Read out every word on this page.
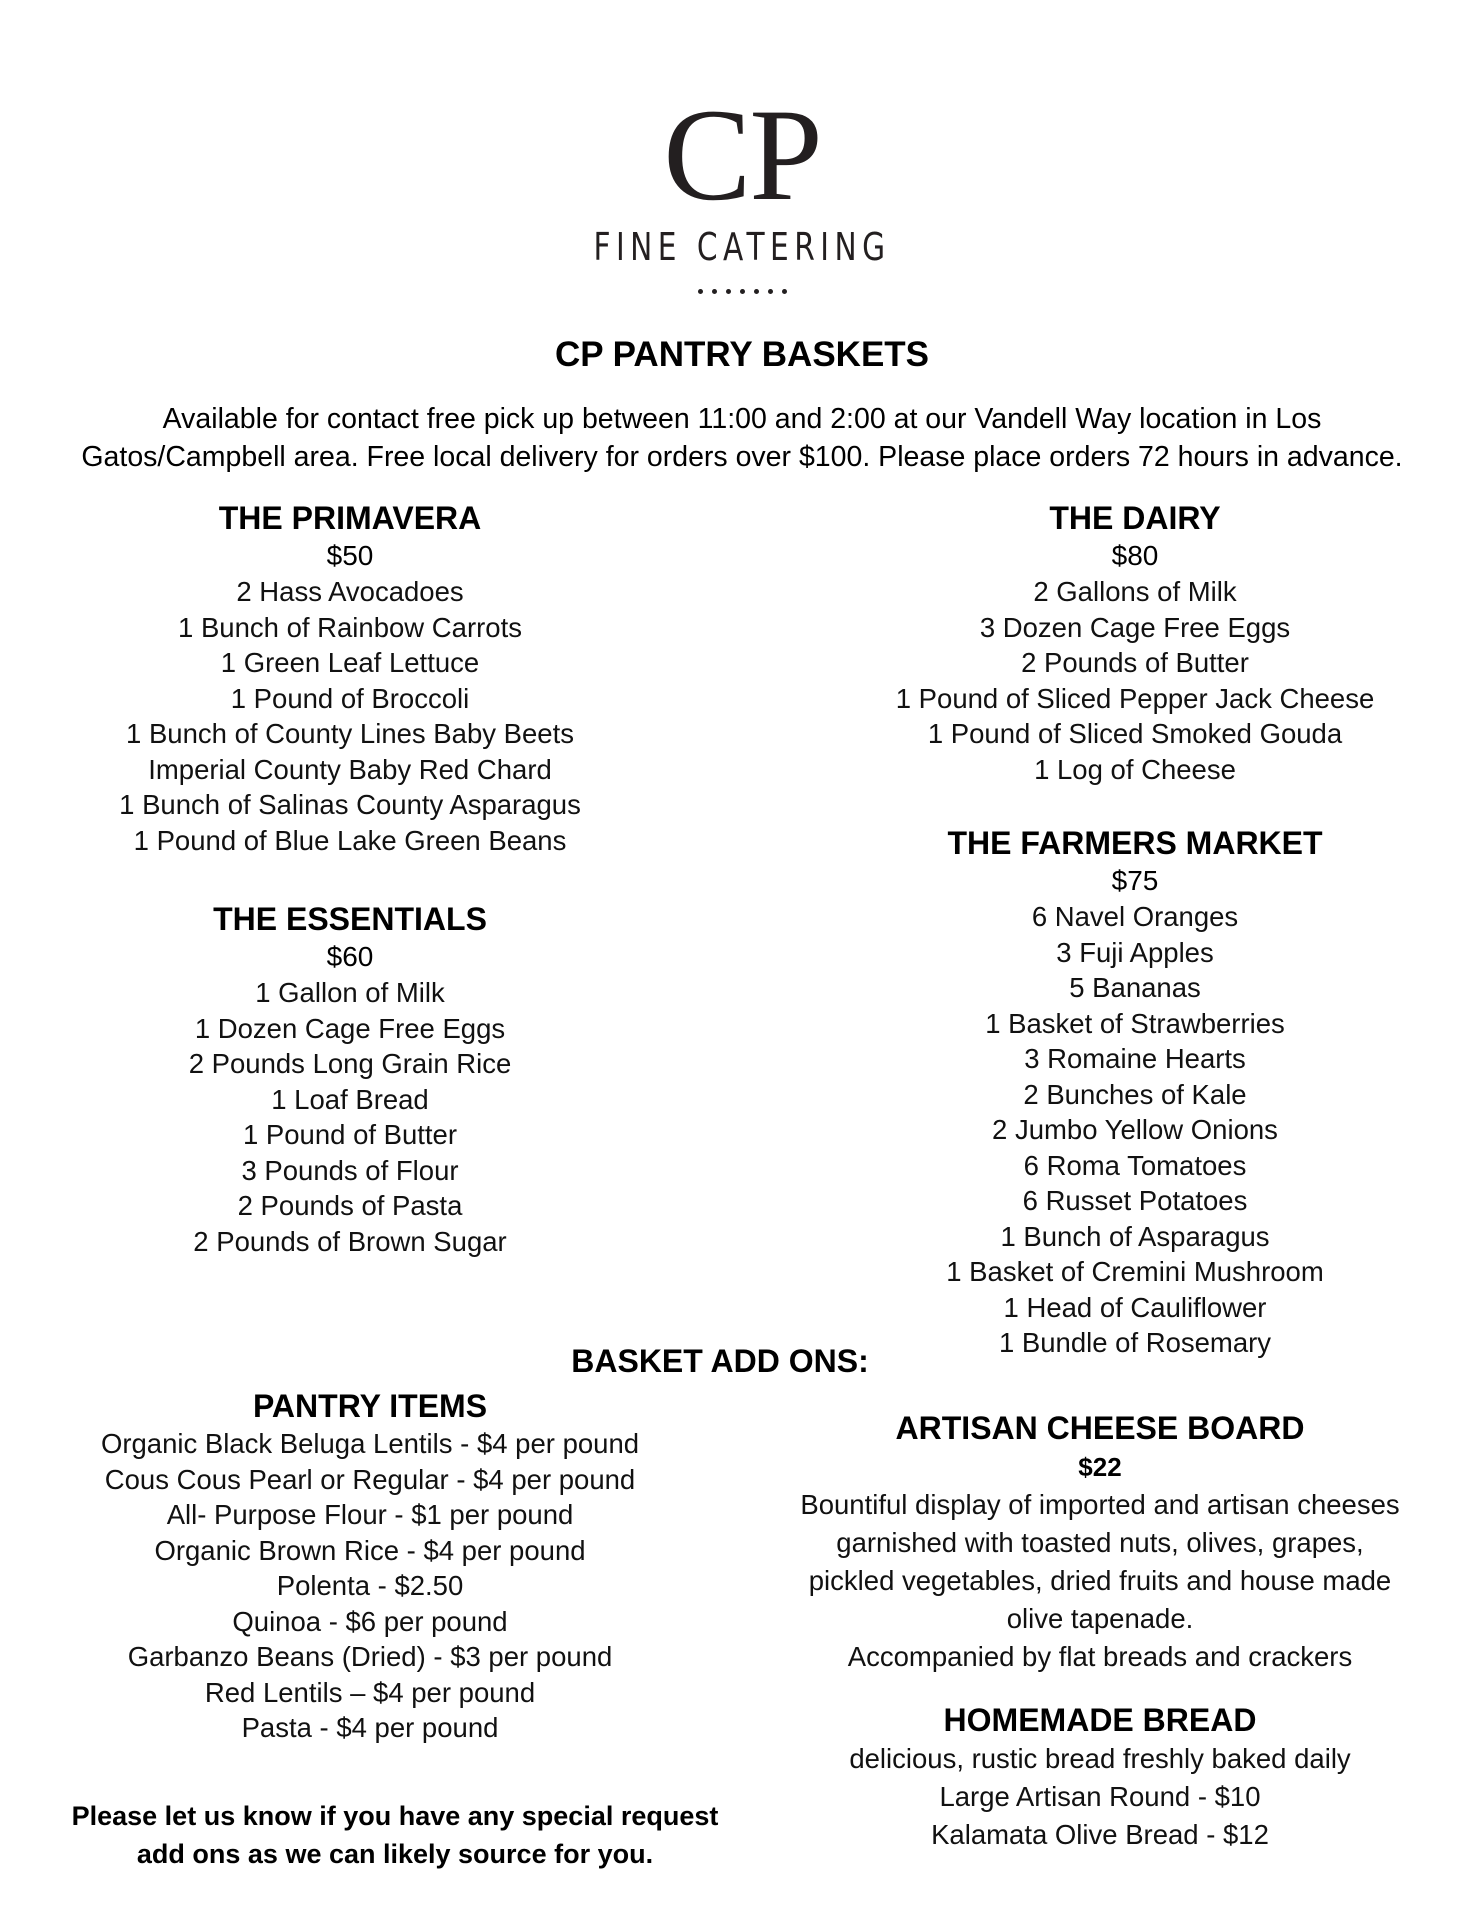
CP
FINE CATERING
CP PANTRY BASKETS
Available for contact free pick up between 11:00 and 2:00 at our Vandell Way location in Los
Gatos/Campbell area. Free local delivery for orders over $100. Please place orders 72 hours in advance.
THE PRIMAVERA
$50
2 Hass Avocadoes
1 Bunch of Rainbow Carrots
1 Green Leaf Lettuce
1 Pound of Broccoli
1 Bunch of County Lines Baby Beets
Imperial County Baby Red Chard
1 Bunch of Salinas County Asparagus
1 Pound of Blue Lake Green Beans
THE DAIRY
$80
2 Gallons of Milk
3 Dozen Cage Free Eggs
2 Pounds of Butter
1 Pound of Sliced Pepper Jack Cheese
1 Pound of Sliced Smoked Gouda
1 Log of Cheese
THE ESSENTIALS
$60
1 Gallon of Milk
1 Dozen Cage Free Eggs
2 Pounds Long Grain Rice
1 Loaf Bread
1 Pound of Butter
3 Pounds of Flour
2 Pounds of Pasta
2 Pounds of Brown Sugar
THE FARMERS MARKET
$75
6 Navel Oranges
3 Fuji Apples
5 Bananas
1 Basket of Strawberries
3 Romaine Hearts
2 Bunches of Kale
2 Jumbo Yellow Onions
6 Roma Tomatoes
6 Russet Potatoes
1 Bunch of Asparagus
1 Basket of Cremini Mushroom
1 Head of Cauliflower
1 Bundle of Rosemary
BASKET ADD ONS:
PANTRY ITEMS
Organic Black Beluga Lentils - $4 per pound
Cous Cous Pearl or Regular - $4 per pound
All- Purpose Flour - $1 per pound
Organic Brown Rice - $4 per pound
Polenta - $2.50
Quinoa - $6 per pound
Garbanzo Beans (Dried) - $3 per pound
Red Lentils – $4 per pound
Pasta - $4 per pound
ARTISAN CHEESE BOARD
$22
Bountiful display of imported and artisan cheeses
garnished with toasted nuts, olives, grapes,
pickled vegetables, dried fruits and house made
olive tapenade.
Accompanied by flat breads and crackers
HOMEMADE BREAD
delicious, rustic bread freshly baked daily
Large Artisan Round - $10
Kalamata Olive Bread - $12
Please let us know if you have any special request
add ons as we can likely source for you.
